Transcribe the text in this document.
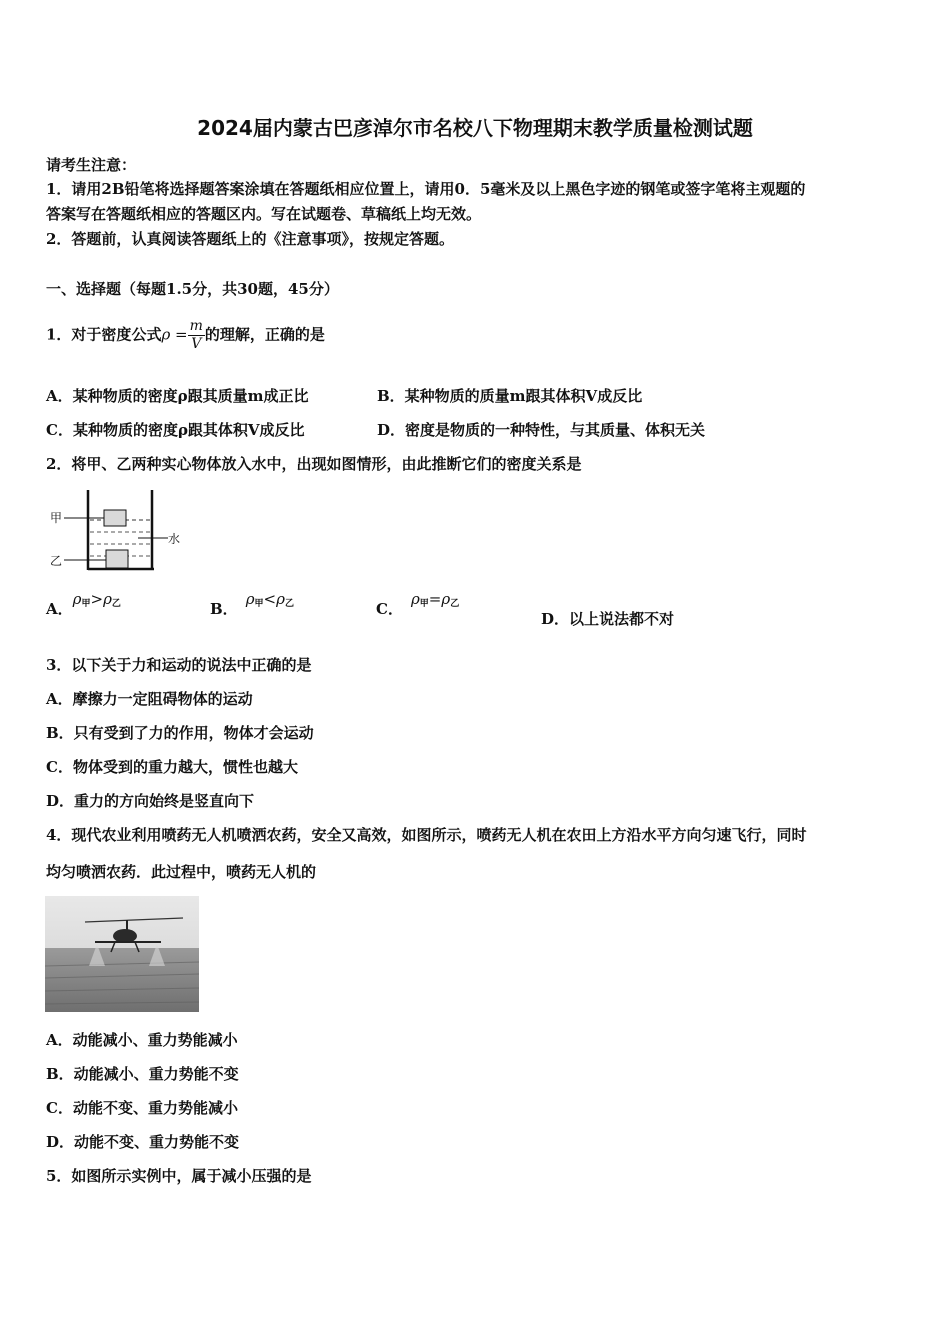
2024届内蒙古巴彦淖尔市名校八下物理期末教学质量检测试题
请考生注意：
1．请用2B铅笔将选择题答案涂填在答题纸相应位置上，请用0．5毫米及以上黑色字迹的钢笔或签字笔将主观题的
答案写在答题纸相应的答题区内。写在试题卷、草稿纸上均无效。
2．答题前，认真阅读答题纸上的《注意事项》，按规定答题。
一、选择题（每题1.5分，共30题，45分）
1．对于密度公式$\rho = \frac{m}{V}$ 的理解，正确的是
A．某种物质的密度ρ跟其质量m成正比	B．某种物质的质量m跟其体积V成反比
C．某种物质的密度ρ跟其体积V成反比	D．密度是物质的一种特性，与其质量、体积无关
2．将甲、乙两种实心物体放入水中，出现如图情形，由此推断它们的密度关系是
甲
乙
水
A．$\rho_甲>\rho_乙$	B．$\rho_甲<\rho_乙$	C．$\rho_甲=\rho_乙$
D．以上说法都不对
3．以下关于力和运动的说法中正确的是
A．摩擦力一定阻碍物体的运动
B．只有受到了力的作用，物体才会运动
C．物体受到的重力越大，惯性也越大
D．重力的方向始终是竖直向下
4．现代农业利用喷药无人机喷洒农药，安全又高效，如图所示，喷药无人机在农田上方沿水平方向匀速飞行，同时
均匀喷洒农药．此过程中，喷药无人机的
A．动能减小、重力势能减小
B．动能减小、重力势能不变
C．动能不变、重力势能减小
D．动能不变、重力势能不变
5．如图所示实例中，属于减小压强的是
